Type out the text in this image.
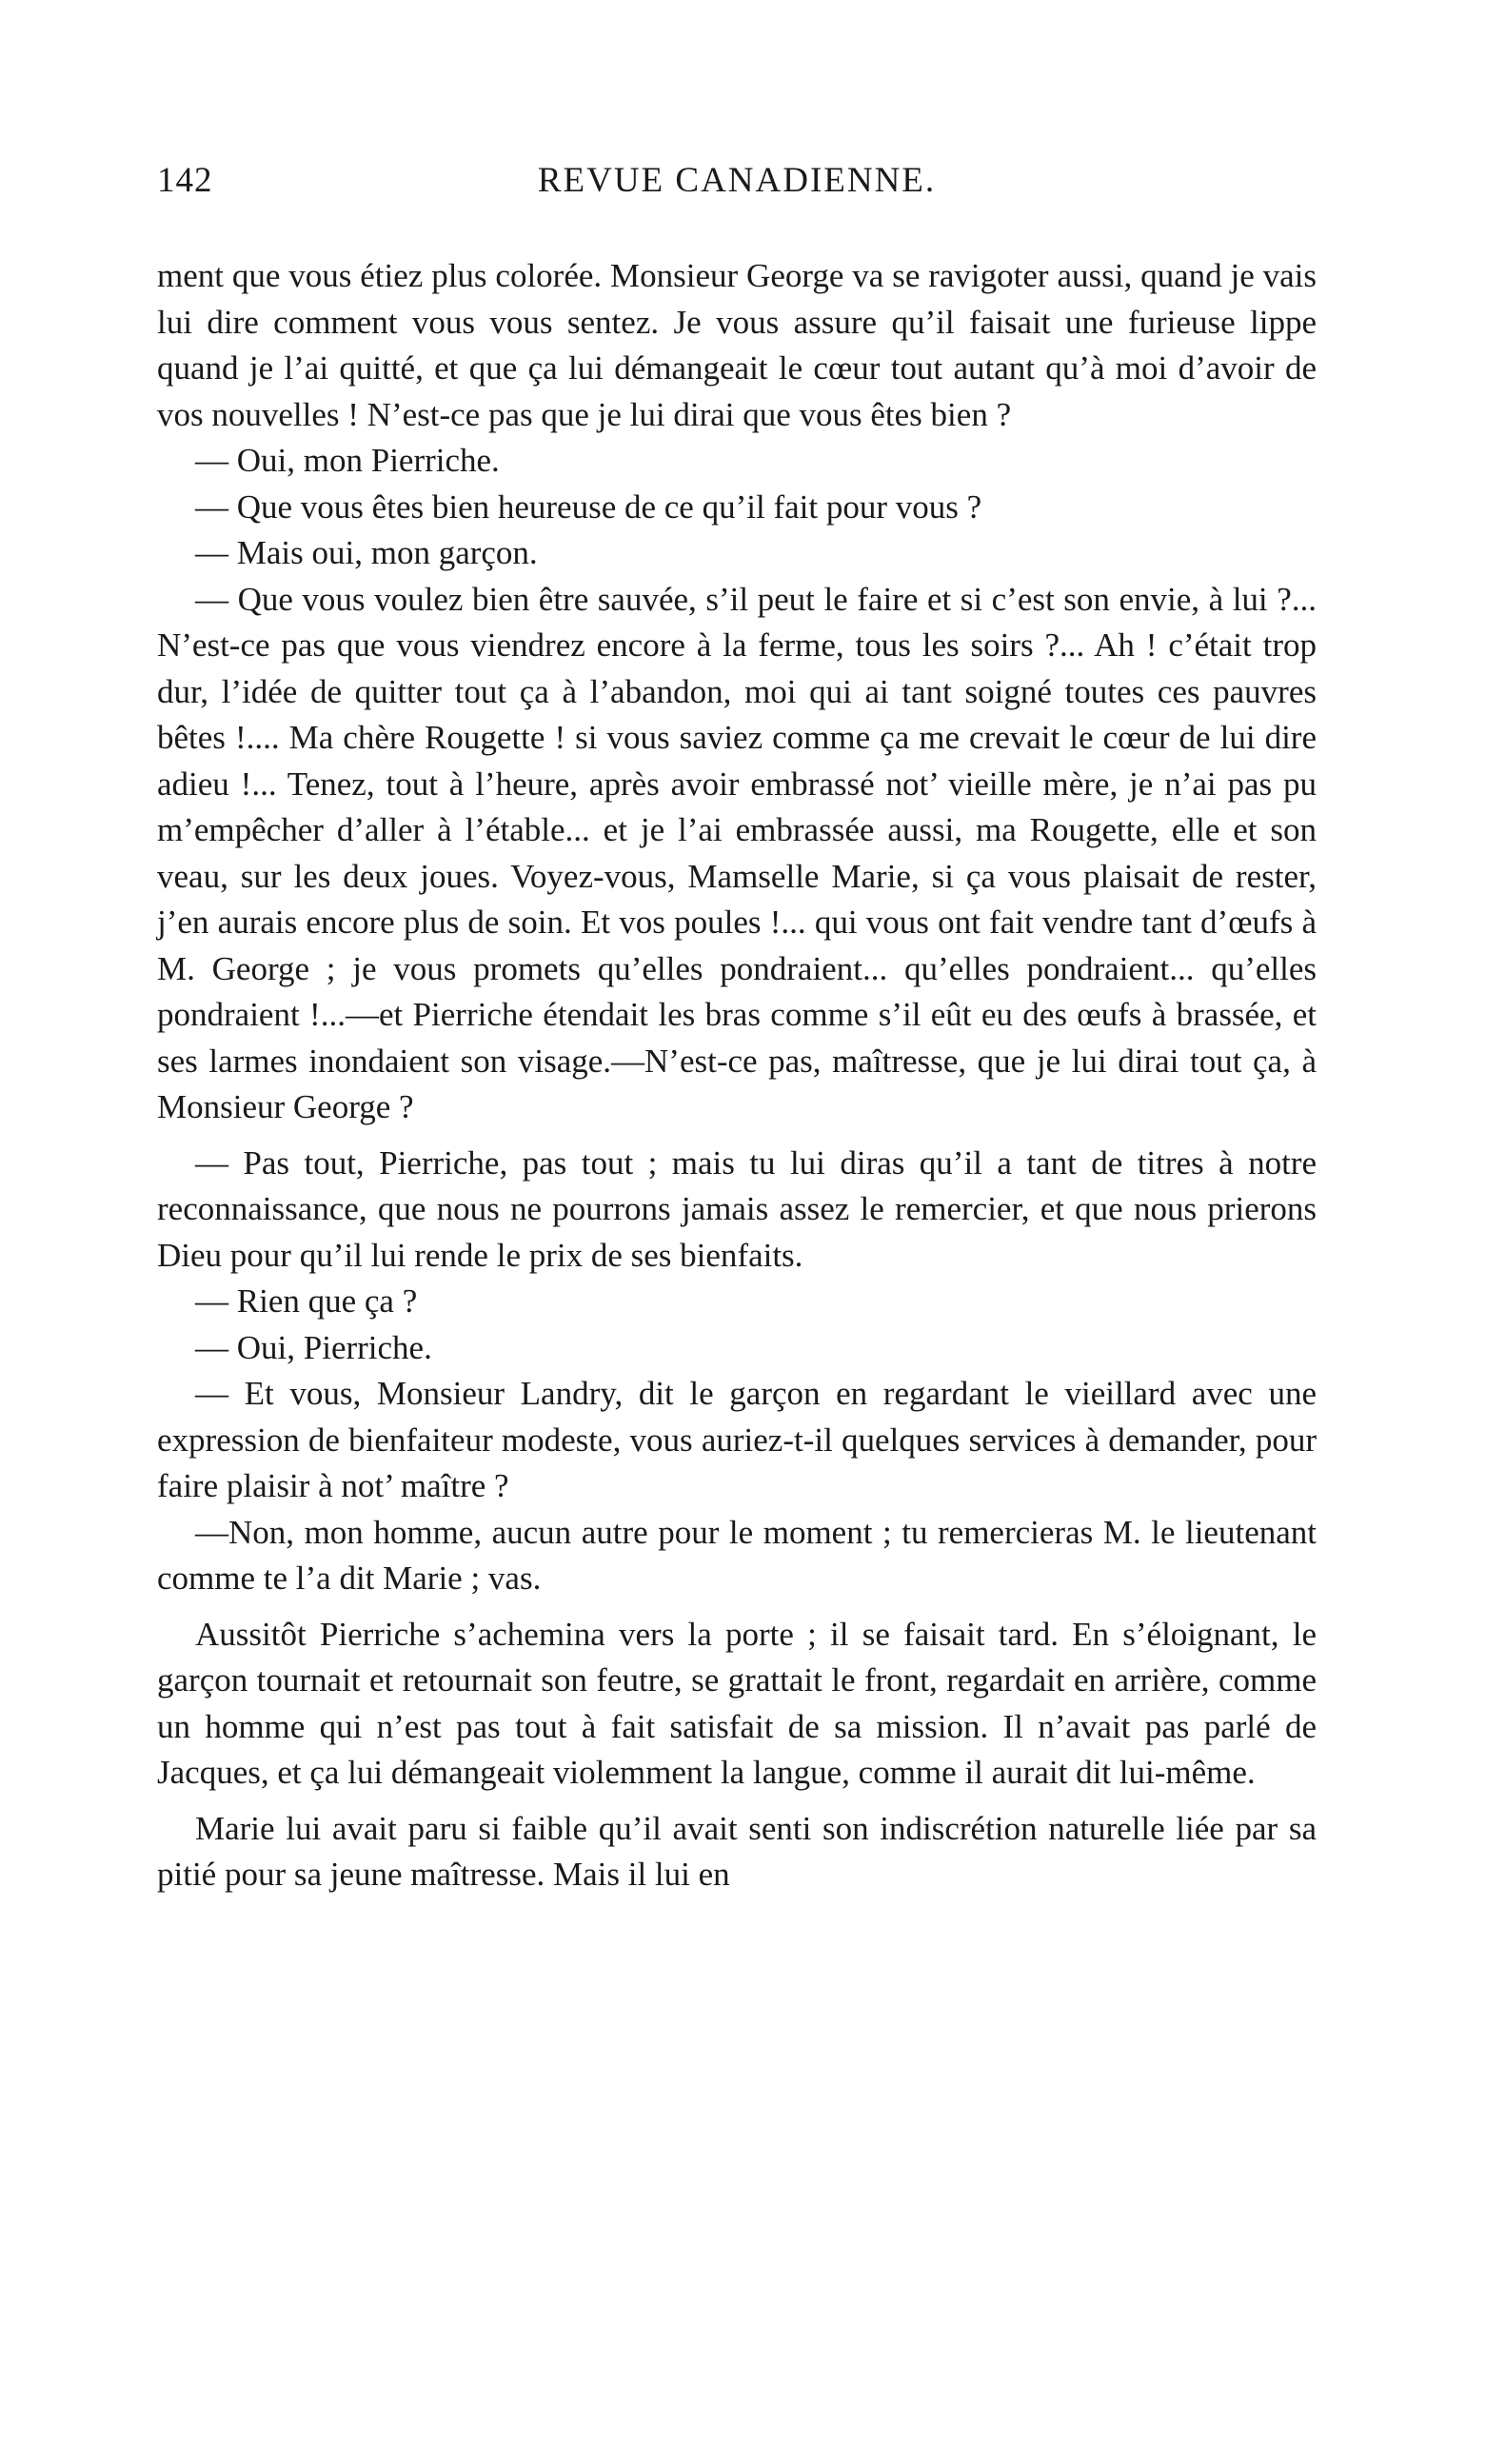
142	REVUE CANADIENNE.

ment que vous étiez plus colorée. Monsieur George va se ravigoter aussi, quand je vais lui dire comment vous vous sentez. Je vous assure qu’il faisait une furieuse lippe quand je l’ai quitté, et que ça lui démangeait le cœur tout autant qu’à moi d’avoir de vos nouvelles ! N’est-ce pas que je lui dirai que vous êtes bien ?

— Oui, mon Pierriche.

— Que vous êtes bien heureuse de ce qu’il fait pour vous ?

— Mais oui, mon garçon.

— Que vous voulez bien être sauvée, s’il peut le faire et si c’est son envie, à lui ?... N’est-ce pas que vous viendrez encore à la ferme, tous les soirs ?... Ah ! c’était trop dur, l’idée de quitter tout ça à l’abandon, moi qui ai tant soigné toutes ces pauvres bêtes !.... Ma chère Rougette ! si vous saviez comme ça me crevait le cœur de lui dire adieu !... Tenez, tout à l’heure, après avoir embrassé not’ vieille mère, je n’ai pas pu m’empêcher d’aller à l’étable... et je l’ai embrassée aussi, ma Rougette, elle et son veau, sur les deux joues. Voyez-vous, Mamselle Marie, si ça vous plaisait de rester, j’en aurais encore plus de soin. Et vos poules !... qui vous ont fait vendre tant d’œufs à M. George ; je vous promets qu’elles pondraient... qu’elles pondraient... qu’elles pondraient !...—et Pierriche étendait les bras comme s’il eût eu des œufs à brassée, et ses larmes inondaient son visage.—N’est-ce pas, maîtresse, que je lui dirai tout ça, à Monsieur George ?

— Pas tout, Pierriche, pas tout ; mais tu lui diras qu’il a tant de titres à notre reconnaissance, que nous ne pourrons jamais assez le remercier, et que nous prierons Dieu pour qu’il lui rende le prix de ses bienfaits.

— Rien que ça ?

— Oui, Pierriche.

— Et vous, Monsieur Landry, dit le garçon en regardant le vieillard avec une expression de bienfaiteur modeste, vous auriez-t-il quelques services à demander, pour faire plaisir à not’ maître ?

—Non, mon homme, aucun autre pour le moment ; tu remercieras M. le lieutenant comme te l’a dit Marie ; vas.

Aussitôt Pierriche s’achemina vers la porte ; il se faisait tard. En s’éloignant, le garçon tournait et retournait son feutre, se grattait le front, regardait en arrière, comme un homme qui n’est pas tout à fait satisfait de sa mission. Il n’avait pas parlé de Jacques, et ça lui démangeait violemment la langue, comme il aurait dit lui-même.

Marie lui avait paru si faible qu’il avait senti son indiscrétion naturelle liée par sa pitié pour sa jeune maîtresse. Mais il lui en
